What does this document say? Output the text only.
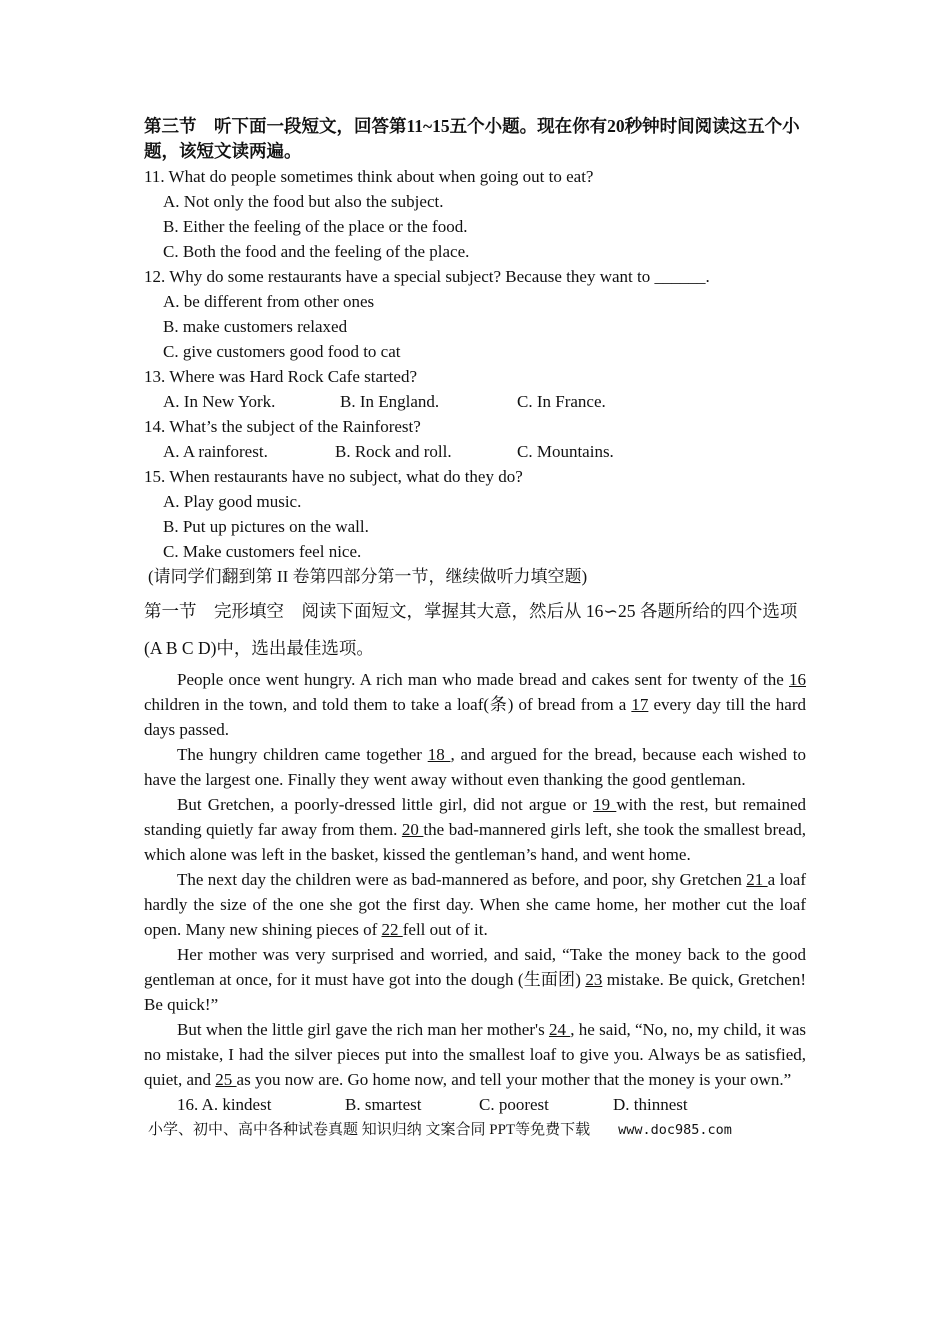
第三节　听下面一段短文，回答第11~15五个小题。现在你有20秒钟时间阅读这五个小题，该短文读两遍。

11. What do people sometimes think about when going out to eat?

A. Not only the food but also the subject.

B. Either the feeling of the place or the food.

C. Both the food and the feeling of the place.

12. Why do some restaurants have a special subject? Because they want to ______.

A. be different from other ones

B. make customers relaxed

C. give customers good food to cat

13. Where was Hard Rock Cafe started?

A. In New York.	B. In England.	C. In France.

14. What’s the subject of the Rainforest?

A. A rainforest.	B. Rock and roll.	C. Mountains.

15. When restaurants have no subject, what do they do?

A. Play good music.

B. Put up pictures on the wall.

C. Make customers feel nice.

(请同学们翻到第 II 卷第四部分第一节，继续做听力填空题)

第一节　完形填空　阅读下面短文，掌握其大意，然后从 16∽25 各题所给的四个选项 (A B C D)中，选出最佳选项。

People once went hungry. A rich man who made bread and cakes sent for twenty of the 16 children in the town, and told them to take a loaf(条) of bread from a 17 every day till the hard days passed.

The hungry children came together 18 , and argued for the bread, because each wished to have the largest one. Finally they went away without even thanking the good gentleman.

But Gretchen, a poorly-dressed little girl, did not argue or 19 with the rest, but remained standing quietly far away from them. 20 the bad-mannered girls left, she took the smallest bread, which alone was left in the basket, kissed the gentleman’s hand, and went home.

The next day the children were as bad-mannered as before, and poor, shy Gretchen 21 a loaf hardly the size of the one she got the first day. When she came home, her mother cut the loaf open. Many new shining pieces of 22 fell out of it.

Her mother was very surprised and worried, and said, “Take the money back to the good gentleman at once, for it must have got into the dough (生面团) 23 mistake. Be quick, Gretchen! Be quick!”

But when the little girl gave the rich man her mother's 24 , he said, “No, no, my child, it was no mistake, I had the silver pieces put into the smallest loaf to give you. Always be as satisfied, quiet, and 25 as you now are. Go home now, and tell your mother that the money is your own.”

16. A. kindest	B. smartest	C. poorest	D. thinnest
小学、初中、高中各种试卷真题 知识归纳 文案合同 PPT等免费下载 www.doc985.com
